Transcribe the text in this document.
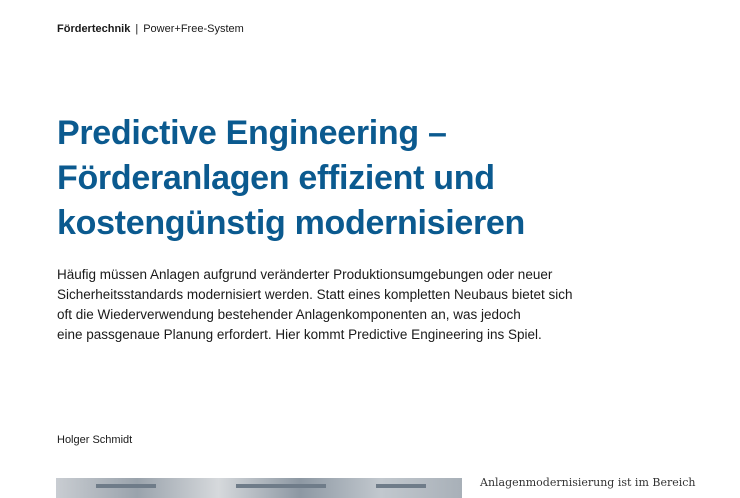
Fördertechnik | Power+Free-System
Predictive Engineering –
Förderanlagen effizient und
kostengünstig modernisieren

Häufig müssen Anlagen aufgrund veränderter Produktionsumgebungen oder neuer
Sicherheitsstandards modernisiert werden. Statt eines kompletten Neubaus bietet sich
oft die Wiederverwendung bestehender Anlagenkomponenten an, was jedoch
eine passgenaue Planung erfordert. Hier kommt Predictive Engineering ins Spiel.

Holger Schmidt
Anlagenmodernisierung ist im Bereich
